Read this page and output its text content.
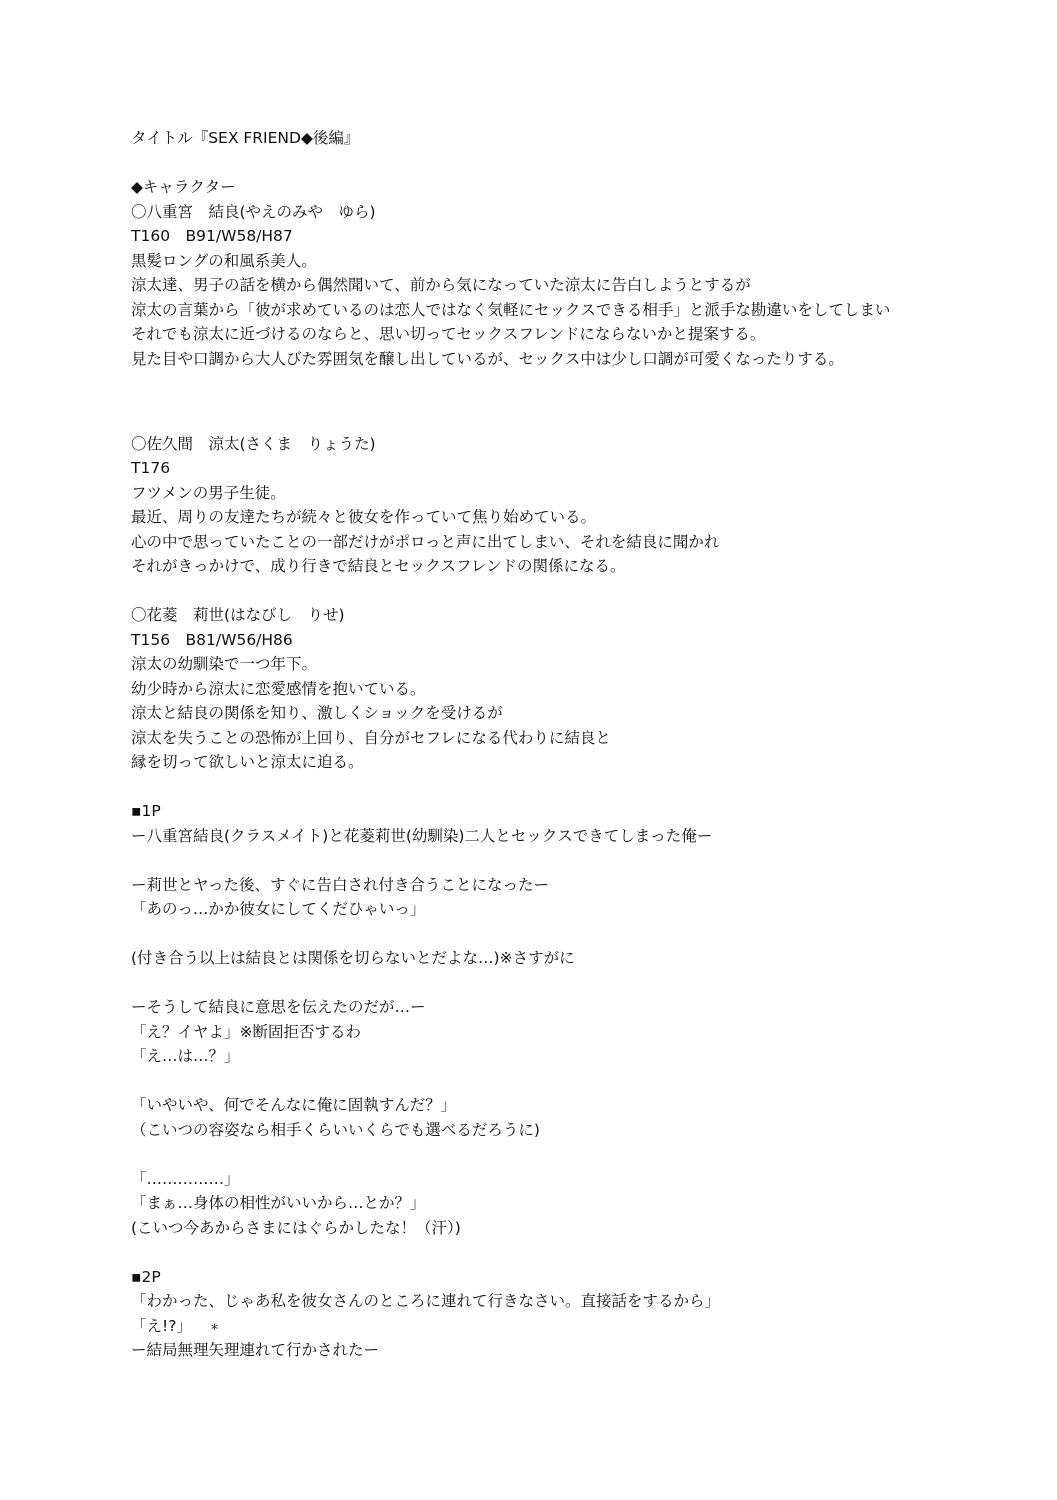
タイトル『SEX FRIEND◆後編』
◆キャラクター
〇八重宮　結良(やえのみや　ゆら)
T160　B91/W58/H87
黒髪ロングの和風系美人。
涼太達、男子の話を横から偶然聞いて、前から気になっていた涼太に告白しようとするが
涼太の言葉から「彼が求めているのは恋人ではなく気軽にセックスできる相手」と派手な勘違いをしてしまい
それでも涼太に近づけるのならと、思い切ってセックスフレンドにならないかと提案する。
見た目や口調から大人びた雰囲気を醸し出しているが、セックス中は少し口調が可愛くなったりする。
〇佐久間　涼太(さくま　りょうた)
T176
フツメンの男子生徒。
最近、周りの友達たちが続々と彼女を作っていて焦り始めている。
心の中で思っていたことの一部だけがポロっと声に出てしまい、それを結良に聞かれ
それがきっかけで、成り行きで結良とセックスフレンドの関係になる。
〇花菱　莉世(はなびし　りせ)
T156　B81/W56/H86
涼太の幼馴染で一つ年下。
幼少時から涼太に恋愛感情を抱いている。
涼太と結良の関係を知り、激しくショックを受けるが
涼太を失うことの恐怖が上回り、自分がセフレになる代わりに結良と
縁を切って欲しいと涼太に迫る。
▪1P
ー八重宮結良(クラスメイト)と花菱莉世(幼馴染)二人とセックスできてしまった俺ー
ー莉世とヤった後、すぐに告白され付き合うことになったー
「あのっ…かか彼女にしてくだひゃいっ」
(付き合う以上は結良とは関係を切らないとだよな…)※さすがに
ーそうして結良に意思を伝えたのだが…ー
「え？イヤよ」※断固拒否するわ
「え…は…？」
「いやいや、何でそんなに俺に固執すんだ？」
（こいつの容姿なら相手くらいいくらでも選べるだろうに)
「……………」
「まぁ…身体の相性がいいから…とか？」
(こいつ今あからさまにはぐらかしたな！（汗）)
▪2P
「わかった、じゃあ私を彼女さんのところに連れて行きなさい。直接話をするから」
「え!?」
ー結局無理矢理連れて行かされたー
*
